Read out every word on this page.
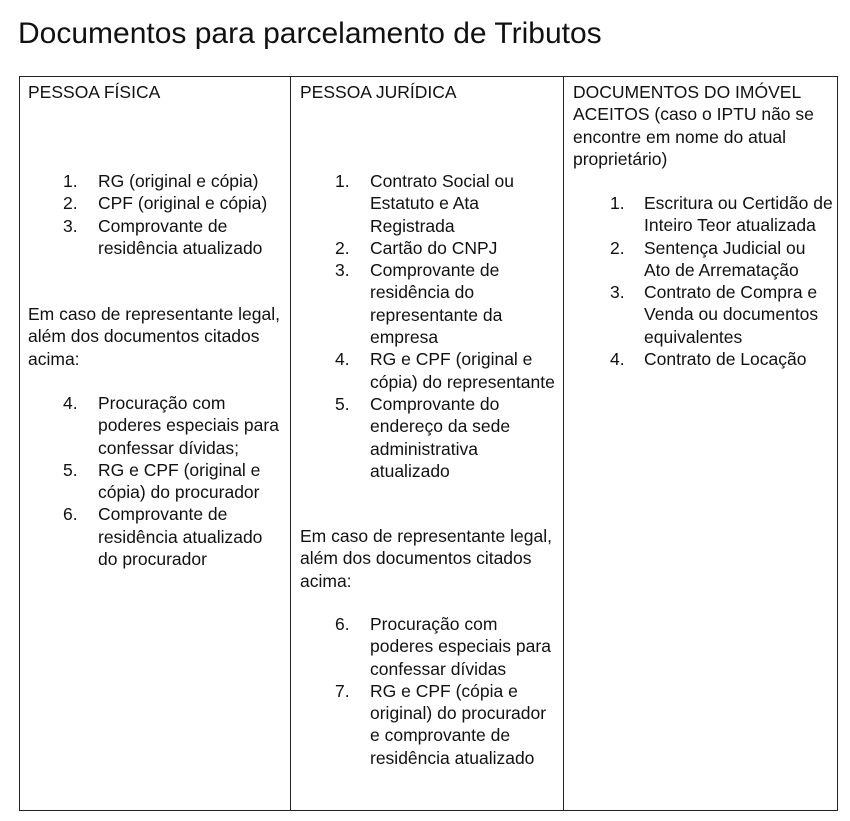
Documentos para parcelamento de Tributos
PESSOA FÍSICA
1. RG (original e cópia)
2. CPF (original e cópia)
3. Comprovante de residência atualizado

Em caso de representante legal, além dos documentos citados acima:

4. Procuração com poderes especiais para confessar dívidas;
5. RG e CPF (original e cópia) do procurador
6. Comprovante de residência atualizado do procurador
PESSOA JURÍDICA
1. Contrato Social ou Estatuto e Ata Registrada
2. Cartão do CNPJ
3. Comprovante de residência do representante da empresa
4. RG e CPF (original e cópia) do representante
5. Comprovante do endereço da sede administrativa atualizado

Em caso de representante legal, além dos documentos citados acima:

6. Procuração com poderes especiais para confessar dívidas
7. RG e CPF (cópia e original) do procurador e comprovante de residência atualizado
DOCUMENTOS DO IMÓVEL ACEITOS (caso o IPTU não se encontre em nome do atual proprietário)
1. Escritura ou Certidão de Inteiro Teor atualizada
2. Sentença Judicial ou Ato de Arrematação
3. Contrato de Compra e Venda ou documentos equivalentes
4. Contrato de Locação
